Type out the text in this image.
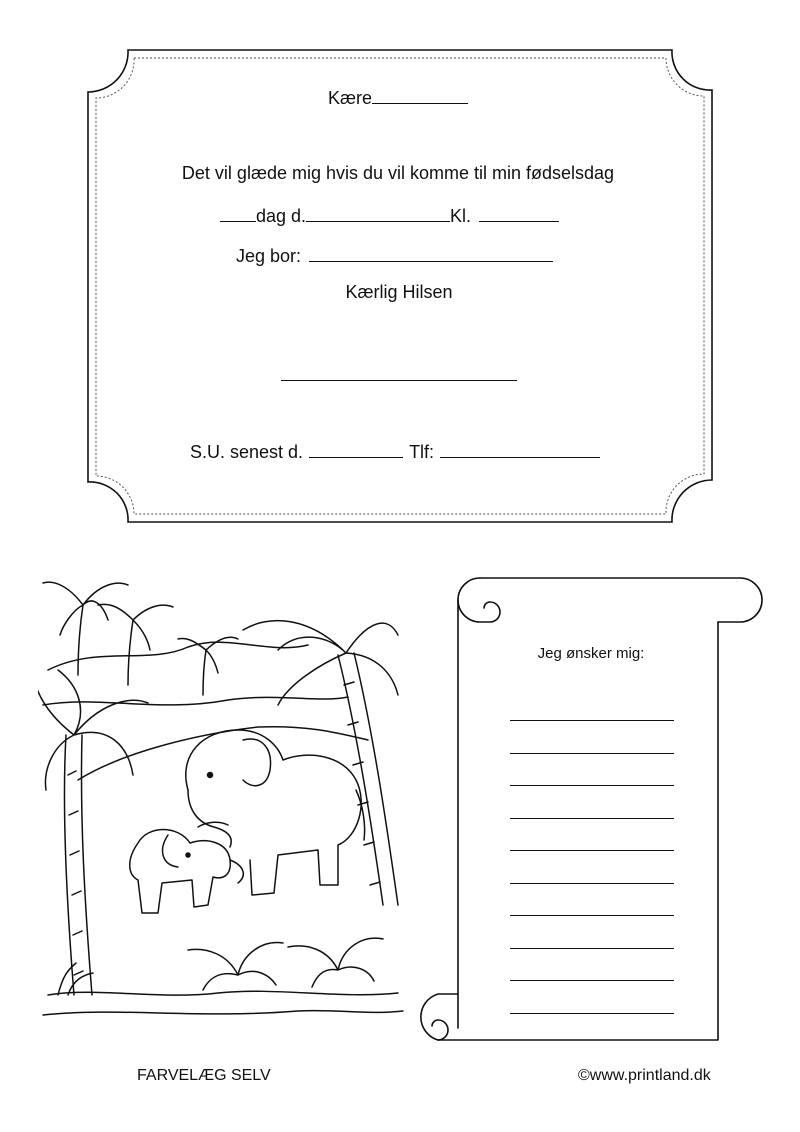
Kære
Det vil glæde mig hvis du vil komme til min fødselsdag
dag d.	Kl.
Jeg bor:
Kærlig Hilsen
S.U. senest d.	Tlf:
Jeg ønsker mig:
FARVELÆG SELV	©www.printland.dk
